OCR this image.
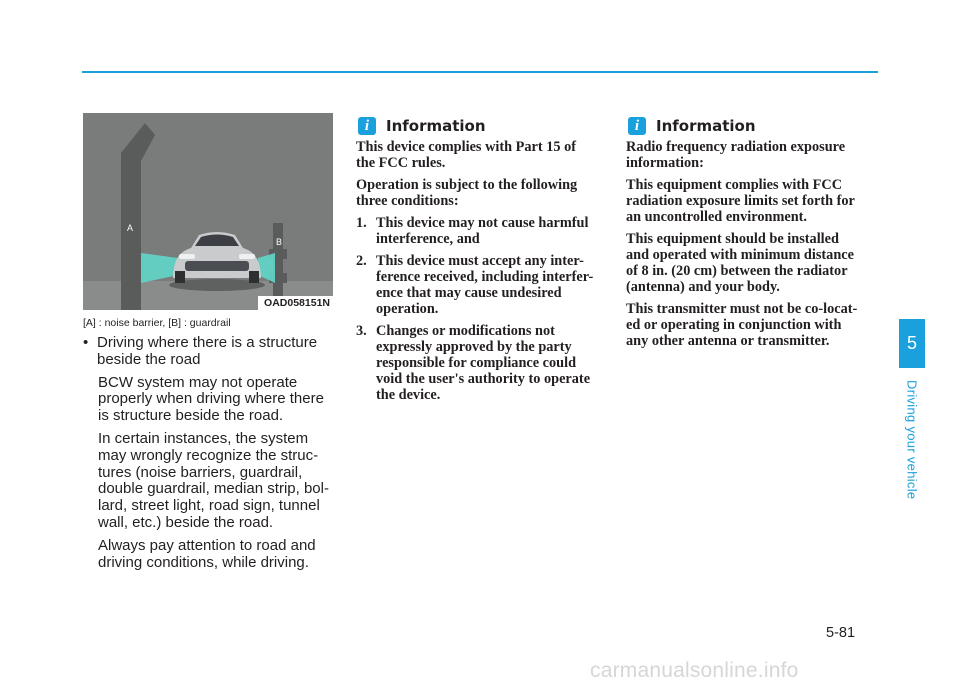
A
B
OAD058151N
[A] : noise barrier, [B] : guardrail
• Driving where there is a structure
beside the road

BCW system may not operate
properly when driving where there
is structure beside the road.

In certain instances, the system
may wrongly recognize the struc-
tures (noise barriers, guardrail,
double guardrail, median strip, bol-
lard, street light, road sign, tunnel
wall, etc.) beside the road.

Always pay attention to road and
driving conditions, while driving.

i	Information

This device complies with Part 15 of
the FCC rules.

Operation is subject to the following
three conditions:

1. This device may not cause harmful
interference, and
2. This device must accept any inter-
ference received, including interfer-
ence that may cause undesired
operation.
3. Changes or modifications not
expressly approved by the party
responsible for compliance could
void the user's authority to operate
the device.
i	Information

Radio frequency radiation exposure
information:

This equipment complies with FCC
radiation exposure limits set forth for
an uncontrolled environment.

This equipment should be installed
and operated with minimum distance
of 8 in. (20 cm) between the radiator
(antenna) and your body.

This transmitter must not be co-locat-
ed or operating in conjunction with
any other antenna or transmitter.	5
Driving your vehicle
5-81
carmanualsonline.info
